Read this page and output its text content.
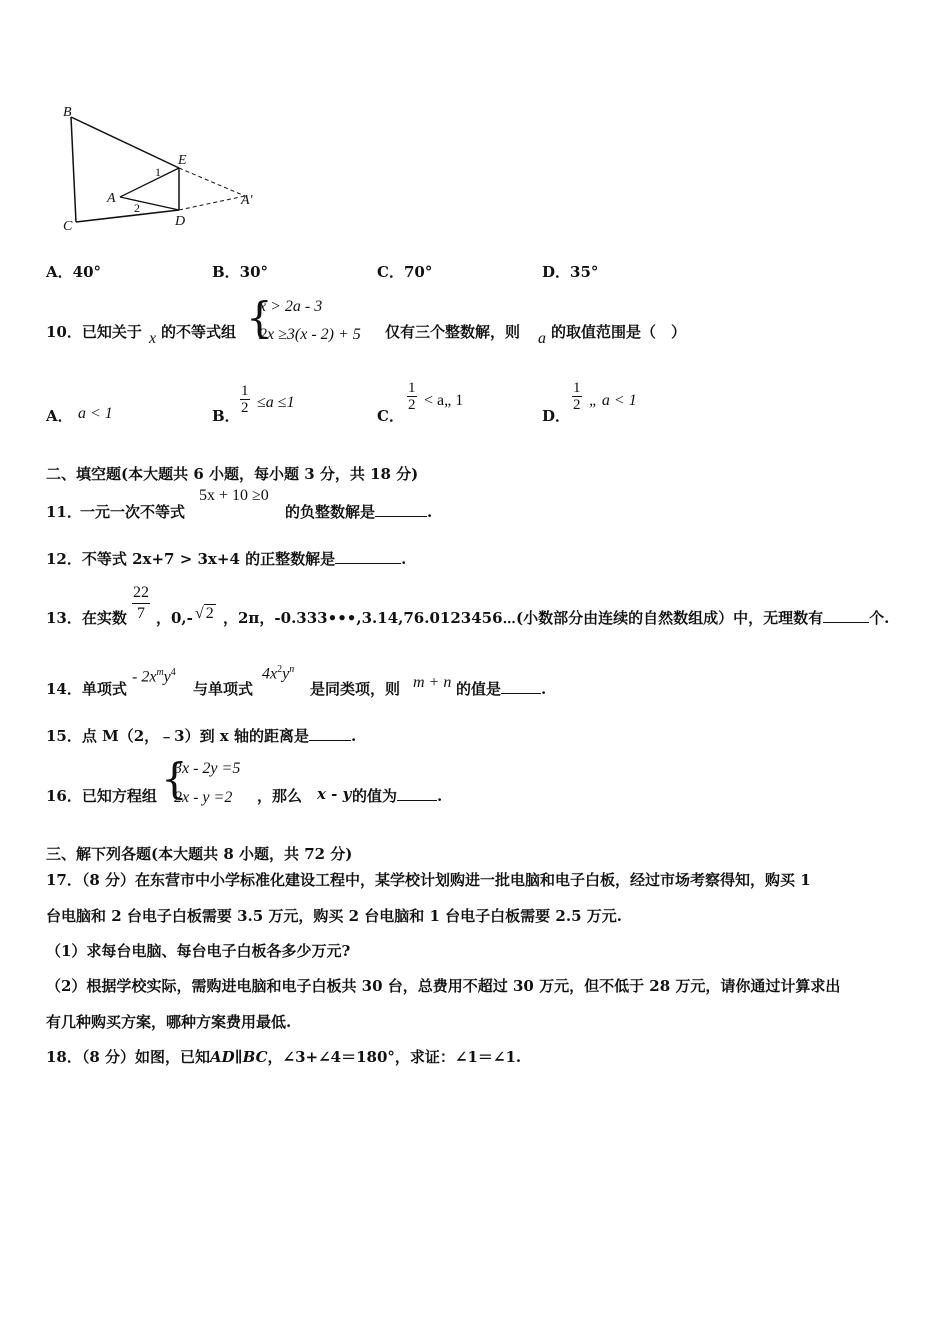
B
C
A
E
D
A′
1
2
A．40°	B．30°	C．70°	D．35°
10．已知关于 x 的不等式组 {
x > 2a - 3
2x ≥3(x - 2) + 5 仅有三个整数解，则 a 的取值范围是（　）
A． a < 1	B． $\frac{1}{2} \le a \le 1$
C．
$\frac{1}{2}$ < a„ 1
D．
$\frac{1}{2}$ „ a < 1
二、填空题(本大题共 6 小题，每小题 3 分，共 18 分)
11．
一元一次不等式
5x + 10 ≥0
的负整数解是	.
12．不等式 2x+7 > 3x+4 的正整数解是	.
13．在实数 $\frac{22}{7}$ ，0,- √ 2 ，2π，-0.333•••,3.14,76.0123456⋯(小数部分由连续的自然数组成）中，无理数有	个.
14．单项式
- $2x^my^4$
与单项式
$4x^2y^n$
是同类项，则 m + n 的值是	.
15．点 M（2，﹣3）到 x 轴的距离是	.
16．已知方程组 {
3x - 2y =5
2x - y =2 ，那么 x - y 的值为	.
三、解下列各题(本大题共 8 小题，共 72 分)
17．（8 分）在东营市中小学标准化建设工程中，某学校计划购进一批电脑和电子白板，经过市场考察得知，购买 1
台电脑和 2 台电子白板需要 3.5 万元，购买 2 台电脑和 1 台电子白板需要 2.5 万元.
（1）求每台电脑、每台电子白板各多少万元?
（2）根据学校实际，需购进电脑和电子白板共 30 台，总费用不超过 30 万元，但不低于 28 万元，请你通过计算求出
有几种购买方案，哪种方案费用最低.
18．（8 分）如图，已知AD∥BC，∠3+∠4＝180°，求证：∠1＝∠1.
